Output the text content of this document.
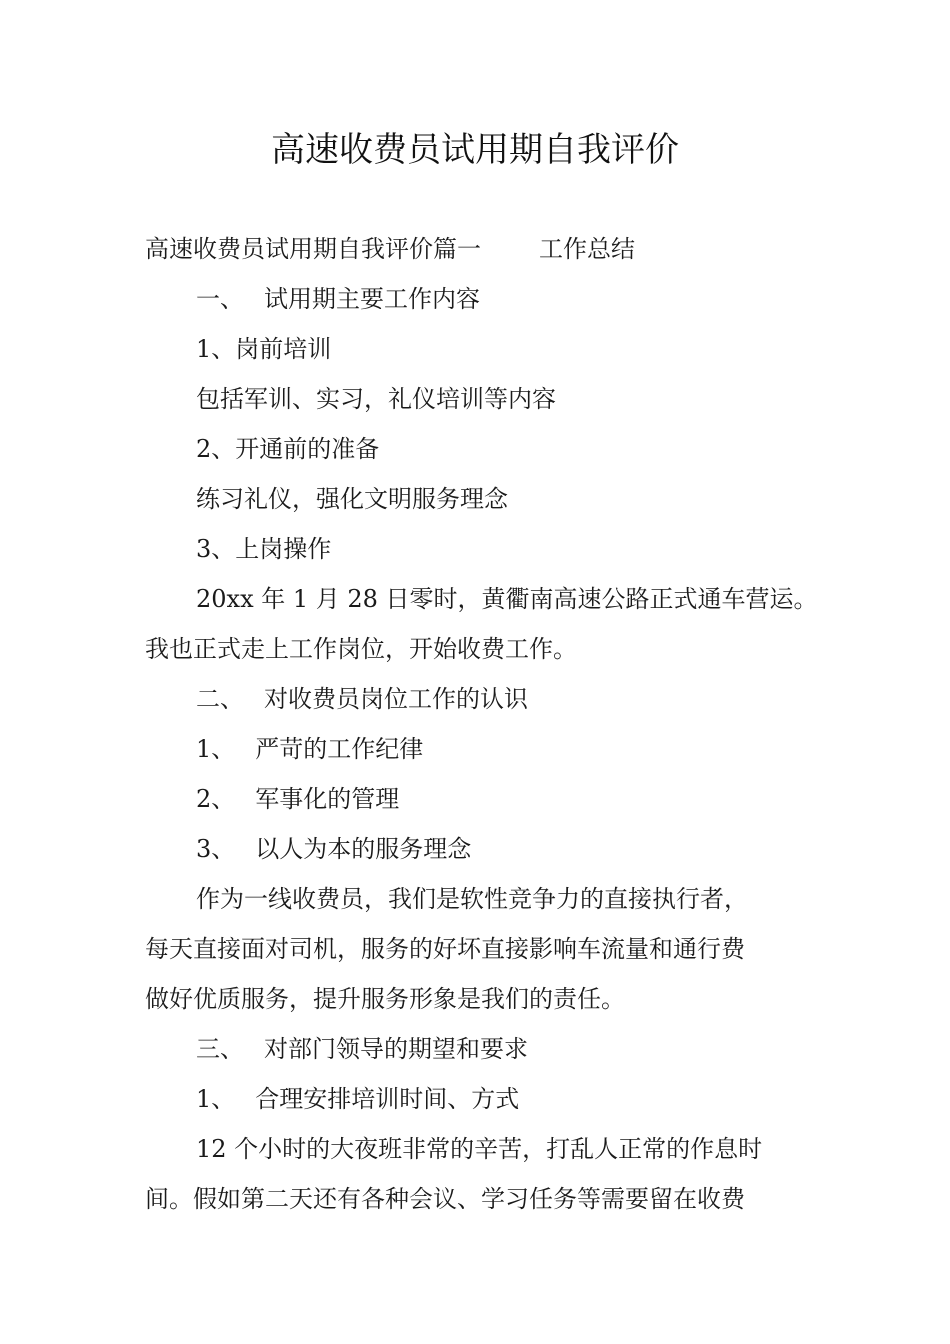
高速收费员试用期自我评价
高速收费员试用期自我评价篇一 工作总结
一、 试用期主要工作内容
1、岗前培训
包括军训、实习，礼仪培训等内容
2、开通前的准备
练习礼仪，强化文明服务理念
3、上岗操作
20xx 年 1 月 28 日零时，黄衢南高速公路正式通车营运。
我也正式走上工作岗位，开始收费工作。
二、 对收费员岗位工作的认识
1、 严苛的工作纪律
2、 军事化的管理
3、 以人为本的服务理念
作为一线收费员，我们是软性竞争力的直接执行者，
每天直接面对司机，服务的好坏直接影响车流量和通行费
做好优质服务，提升服务形象是我们的责任。
三、 对部门领导的期望和要求
1、 合理安排培训时间、方式
12 个小时的大夜班非常的辛苦，打乱人正常的作息时
间。假如第二天还有各种会议、学习任务等需要留在收费
